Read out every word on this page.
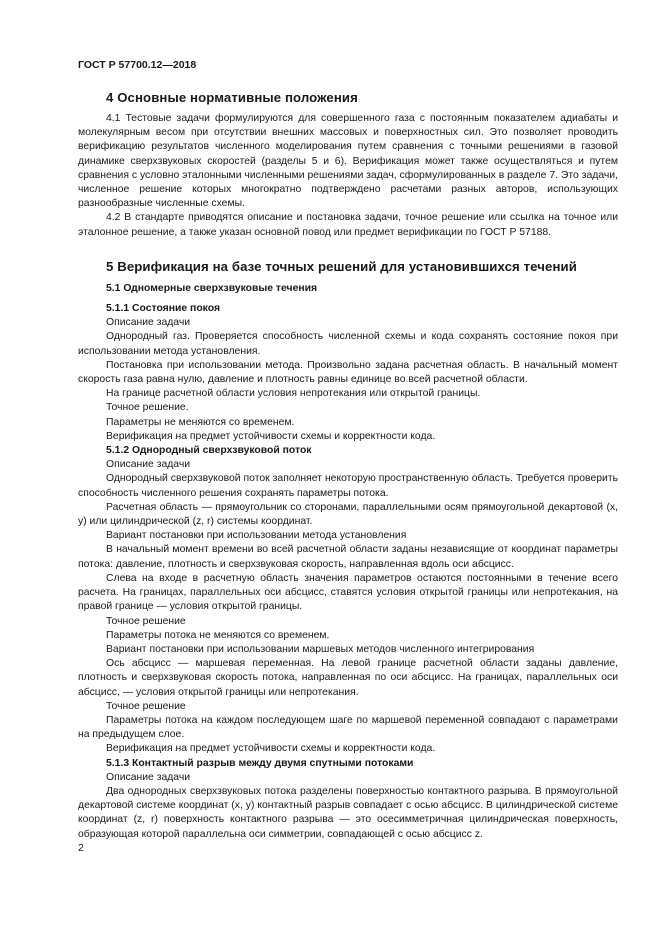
ГОСТ Р 57700.12—2018
4 Основные нормативные положения

4.1 Тестовые задачи формулируются для совершенного газа с постоянным показателем адиабаты и молекулярным весом при отсутствии внешних массовых и поверхностных сил. Это позволяет проводить верификацию результатов численного моделирования путем сравнения с точными решениями в газовой динамике сверхзвуковых скоростей (разделы 5 и 6). Верификация может также осуществляться и путем сравнения с условно эталонными численными решениями задач, сформулированных в разделе 7. Это задачи, численное решение которых многократно подтверждено расчетами разных авторов, использующих разнообразные численные схемы.

4.2 В стандарте приводятся описание и постановка задачи, точное решение или ссылка на точное или эталонное решение, а также указан основной повод или предмет верификации по ГОСТ Р 57188.

5 Верификация на базе точных решений для установившихся течений
5.1 Одномерные сверхзвуковые течения
5.1.1 Состояние покоя

Описание задачи

Однородный газ. Проверяется способность численной схемы и кода сохранять состояние покоя при использовании метода установления.

Постановка при использовании метода. Произвольно задана расчетная область. В начальный момент скорость газа равна нулю, давление и плотность равны единице во всей расчетной области.

На границе расчетной области условия непротекания или открытой границы.

Точное решение.

Параметры не меняются со временем.

Верификация на предмет устойчивости схемы и корректности кода.

5.1.2 Однородный сверхзвуковой поток

Описание задачи

Однородный сверхзвуковой поток заполняет некоторую пространственную область. Требуется проверить способность численного решения сохранять параметры потока.

Расчетная область — прямоугольник со сторонами, параллельными осям прямоугольной декартовой (x, y) или цилиндрической (z, r) системы координат.

Вариант постановки при использовании метода установления

В начальный момент времени во всей расчетной области заданы независящие от координат параметры потока: давление, плотность и сверхзвуковая скорость, направленная вдоль оси абсцисс.

Слева на входе в расчетную область значения параметров остаются постоянными в течение всего расчета. На границах, параллельных оси абсцисс, ставятся условия открытой границы или непротекания, на правой границе — условия открытой границы.

Точное решение

Параметры потока не меняются со временем.

Вариант постановки при использовании маршевых методов численного интегрирования

Ось абсцисс — маршевая переменная. На левой границе расчетной области заданы давление, плотность и сверхзвуковая скорость потока, направленная по оси абсцисс. На границах, параллельных оси абсцисс, — условия открытой границы или непротекания.

Точное решение

Параметры потока на каждом последующем шаге по маршевой переменной совпадают с параметрами на предыдущем слое.

Верификация на предмет устойчивости схемы и корректности кода.

5.1.3 Контактный разрыв между двумя спутными потоками

Описание задачи

Два однородных сверхзвуковых потока разделены поверхностью контактного разрыва. В прямоугольной декартовой системе координат (x, y) контактный разрыв совпадает с осью абсцисс. В цилиндрической системе координат (z, r) поверхность контактного разрыва — это осесимметричная цилиндрическая поверхность, образующая которой параллельна оси симметрии, совпадающей с осью абсцисс z.

2
